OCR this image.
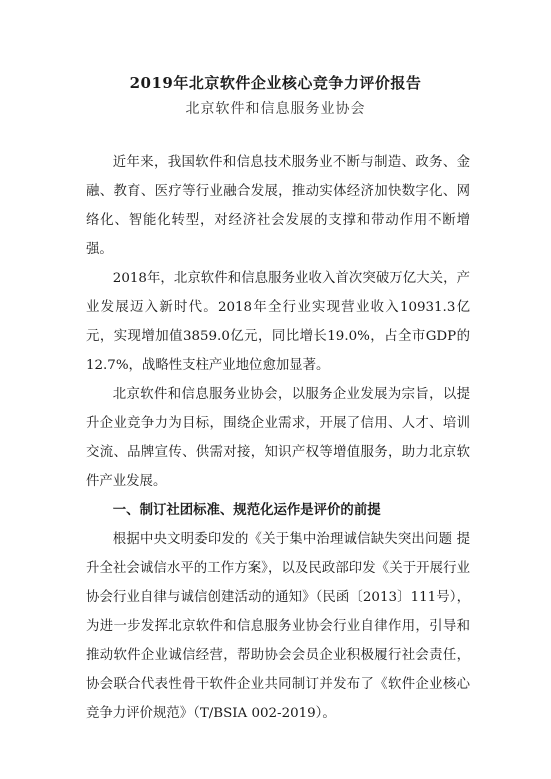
2019年北京软件企业核心竞争力评价报告
北京软件和信息服务业协会

近年来，我国软件和信息技术服务业不断与制造、政务、金融、教育、医疗等行业融合发展，推动实体经济加快数字化、网络化、智能化转型，对经济社会发展的支撑和带动作用不断增强。

2018年，北京软件和信息服务业收入首次突破万亿大关，产业发展迈入新时代。2018年全行业实现营业收入10931.3亿元，实现增加值3859.0亿元，同比增长19.0%，占全市GDP的12.7%，战略性支柱产业地位愈加显著。

北京软件和信息服务业协会，以服务企业发展为宗旨，以提升企业竞争力为目标，围绕企业需求，开展了信用、人才、培训交流、品牌宣传、供需对接，知识产权等增值服务，助力北京软件产业发展。

一、制订社团标准、规范化运作是评价的前提

根据中央文明委印发的《关于集中治理诚信缺失突出问题 提升全社会诚信水平的工作方案》，以及民政部印发《关于开展行业协会行业自律与诚信创建活动的通知》（民函〔2013〕111号），为进一步发挥北京软件和信息服务业协会行业自律作用，引导和推动软件企业诚信经营，帮助协会会员企业积极履行社会责任，协会联合代表性骨干软件企业共同制订并发布了《软件企业核心竞争力评价规范》（T/BSIA 002-2019）。
